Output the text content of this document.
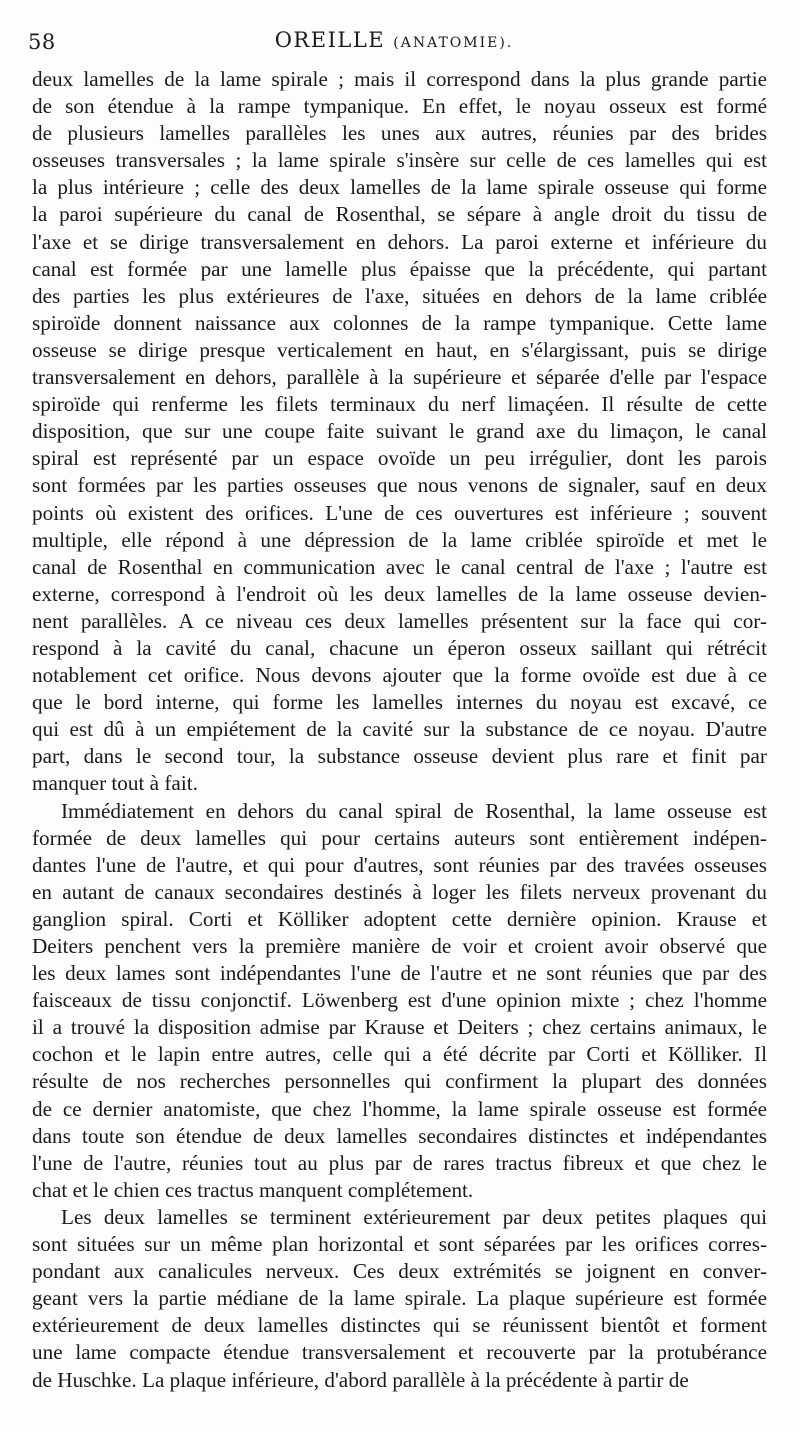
58	OREILLE (ANATOMIE).
deux lamelles de la lame spirale ; mais il correspond dans la plus grande partie
de son étendue à la rampe tympanique. En effet, le noyau osseux est formé
de plusieurs lamelles parallèles les unes aux autres, réunies par des brides
osseuses transversales ; la lame spirale s'insère sur celle de ces lamelles qui est
la plus intérieure ; celle des deux lamelles de la lame spirale osseuse qui forme
la paroi supérieure du canal de Rosenthal, se sépare à angle droit du tissu de
l'axe et se dirige transversalement en dehors. La paroi externe et inférieure du
canal est formée par une lamelle plus épaisse que la précédente, qui partant
des parties les plus extérieures de l'axe, situées en dehors de la lame criblée
spiroïde donnent naissance aux colonnes de la rampe tympanique. Cette lame
osseuse se dirige presque verticalement en haut, en s'élargissant, puis se dirige
transversalement en dehors, parallèle à la supérieure et séparée d'elle par l'espace
spiroïde qui renferme les filets terminaux du nerf limaçéen. Il résulte de cette
disposition, que sur une coupe faite suivant le grand axe du limaçon, le canal
spiral est représenté par un espace ovoïde un peu irrégulier, dont les parois
sont formées par les parties osseuses que nous venons de signaler, sauf en deux
points où existent des orifices. L'une de ces ouvertures est inférieure ; souvent
multiple, elle répond à une dépression de la lame criblée spiroïde et met le
canal de Rosenthal en communication avec le canal central de l'axe ; l'autre est
externe, correspond à l'endroit où les deux lamelles de la lame osseuse devien-
nent parallèles. A ce niveau ces deux lamelles présentent sur la face qui cor-
respond à la cavité du canal, chacune un éperon osseux saillant qui rétrécit
notablement cet orifice. Nous devons ajouter que la forme ovoïde est due à ce
que le bord interne, qui forme les lamelles internes du noyau est excavé, ce
qui est dû à un empiétement de la cavité sur la substance de ce noyau. D'autre
part, dans le second tour, la substance osseuse devient plus rare et finit par
manquer tout à fait.
Immédiatement en dehors du canal spiral de Rosenthal, la lame osseuse est
formée de deux lamelles qui pour certains auteurs sont entièrement indépen-
dantes l'une de l'autre, et qui pour d'autres, sont réunies par des travées osseuses
en autant de canaux secondaires destinés à loger les filets nerveux provenant du
ganglion spiral. Corti et Kölliker adoptent cette dernière opinion. Krause et
Deiters penchent vers la première manière de voir et croient avoir observé que
les deux lames sont indépendantes l'une de l'autre et ne sont réunies que par des
faisceaux de tissu conjonctif. Löwenberg est d'une opinion mixte ; chez l'homme
il a trouvé la disposition admise par Krause et Deiters ; chez certains animaux, le
cochon et le lapin entre autres, celle qui a été décrite par Corti et Kölliker. Il
résulte de nos recherches personnelles qui confirment la plupart des données
de ce dernier anatomiste, que chez l'homme, la lame spirale osseuse est formée
dans toute son étendue de deux lamelles secondaires distinctes et indépendantes
l'une de l'autre, réunies tout au plus par de rares tractus fibreux et que chez le
chat et le chien ces tractus manquent complétement.
Les deux lamelles se terminent extérieurement par deux petites plaques qui
sont situées sur un même plan horizontal et sont séparées par les orifices corres-
pondant aux canalicules nerveux. Ces deux extrémités se joignent en conver-
geant vers la partie médiane de la lame spirale. La plaque supérieure est formée
extérieurement de deux lamelles distinctes qui se réunissent bientôt et forment
une lame compacte étendue transversalement et recouverte par la protubérance
de Huschke. La plaque inférieure, d'abord parallèle à la précédente à partir de
